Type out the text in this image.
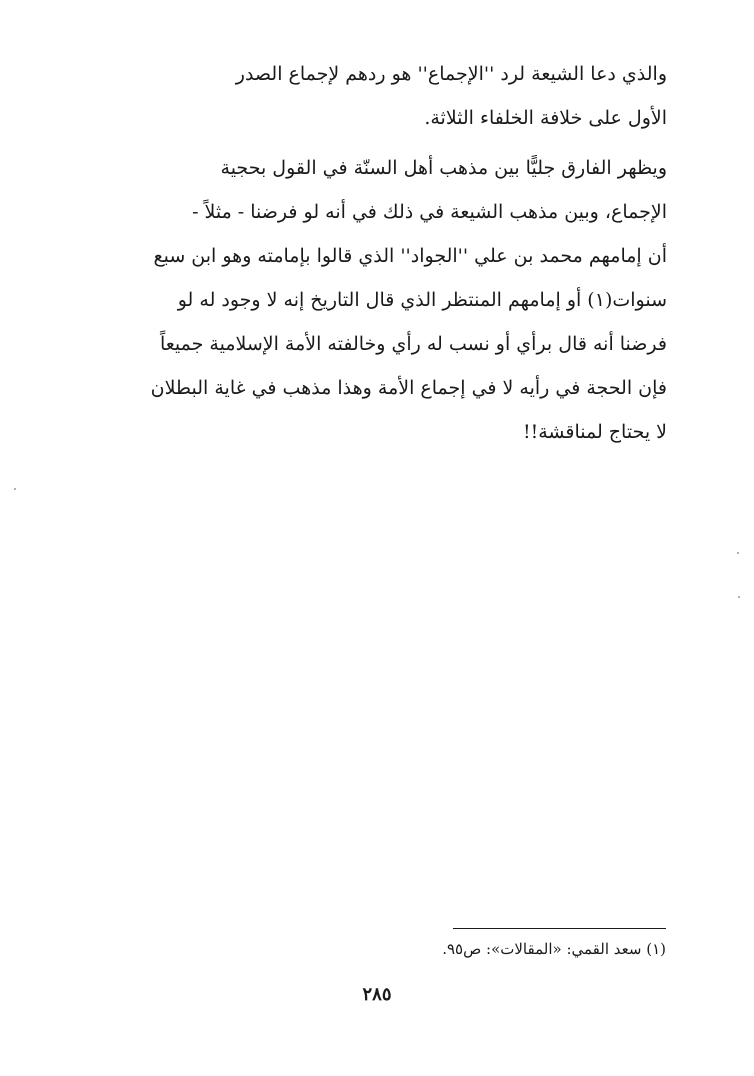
والذي دعا الشيعة لرد ''الإجماع'' هو ردهم لإجماع الصدر
الأول على خلافة الخلفاء الثلاثة.
ويظهر الفارق جليًّا بين مذهب أهل السنّة في القول بحجية
الإجماع، وبين مذهب الشيعة في ذلك في أنه لو فرضنا - مثلاً -
أن إمامهم محمد بن علي ''الجواد'' الذي قالوا بإمامته وهو ابن سبع
سنوات(١) أو إمامهم المنتظر الذي قال التاريخ إنه لا وجود له لو
فرضنا أنه قال برأي أو نسب له رأي وخالفته الأمة الإسلامية جميعاً
فإن الحجة في رأيه لا في إجماع الأمة وهذا مذهب في غاية البطلان
لا يحتاج لمناقشة!!
(١) سعد القمي: «المقالات»: ص٩٥.
٢٨٥
